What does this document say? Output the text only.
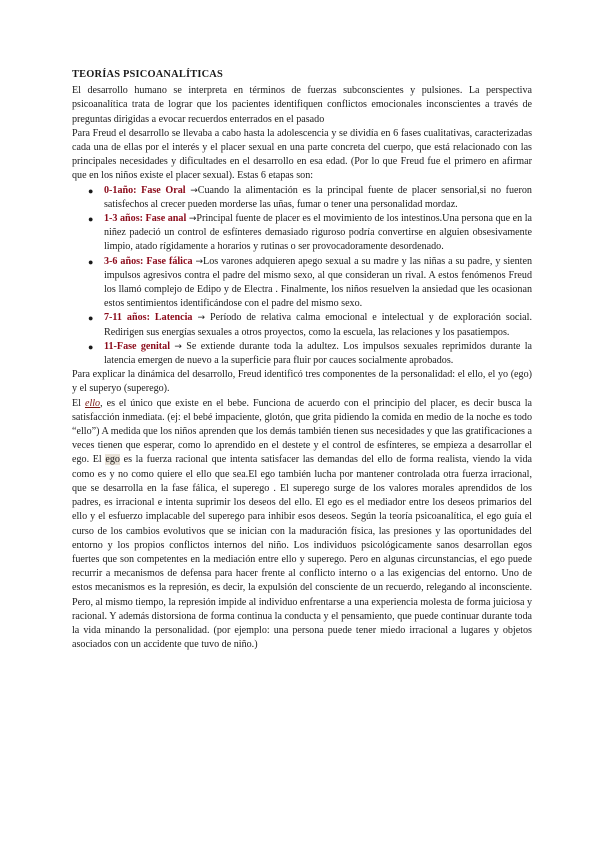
TEORÍAS PSICOANALÍTICAS

El desarrollo humano se interpreta en términos de fuerzas subconscientes y pulsiones. La perspectiva psicoanalítica trata de lograr que los pacientes identifiquen conflictos emocionales inconscientes a través de preguntas dirigidas a evocar recuerdos enterrados en el pasado

Para Freud el desarrollo se llevaba a cabo hasta la adolescencia y se dividía en 6 fases cualitativas, caracterizadas cada una de ellas por el interés y el placer sexual en una parte concreta del cuerpo, que está relacionado con las principales necesidades y dificultades en el desarrollo en esa edad. (Por lo que Freud fue el primero en afirmar que en los niños existe el placer sexual). Estas 6 etapas son:

● 0-1año: Fase Oral →Cuando la alimentación es la principal fuente de placer sensorial,si no fueron satisfechos al crecer pueden morderse las uñas, fumar o tener una personalidad mordaz.
● 1-3 años: Fase anal →Principal fuente de placer es el movimiento de los intestinos.Una persona que en la niñez padeció un control de esfínteres demasiado riguroso podría convertirse en alguien obsesivamente limpio, atado rígidamente a horarios y rutinas o ser provocadoramente desordenado.
● 3-6 años: Fase fálica →Los varones adquieren apego sexual a su madre y las niñas a su padre, y sienten impulsos agresivos contra el padre del mismo sexo, al que consideran un rival. A estos fenómenos Freud los llamó complejo de Edipo y de Electra . Finalmente, los niños resuelven la ansiedad que les ocasionan estos sentimientos identificándose con el padre del mismo sexo.
● 7-11 años: Latencia → Período de relativa calma emocional e intelectual y de exploración social. Redirigen sus energías sexuales a otros proyectos, como la escuela, las relaciones y los pasatiempos.
● 11-Fase genital → Se extiende durante toda la adultez. Los impulsos sexuales reprimidos durante la latencia emergen de nuevo a la superficie para fluir por cauces socialmente aprobados.

Para explicar la dinámica del desarrollo, Freud identificó tres componentes de la personalidad: el ello, el yo (ego) y el superyo (superego).

El ello, es el único que existe en el bebe. Funciona de acuerdo con el principio del placer, es decir busca la satisfacción inmediata. (ej: el bebé impaciente, glotón, que grita pidiendo la comida en medio de la noche es todo “ello”) A medida que los niños aprenden que los demás también tienen sus necesidades y que las gratificaciones a veces tienen que esperar, como lo aprendido en el destete y el control de esfínteres, se empieza a desarrollar el ego. El ego es la fuerza racional que intenta satisfacer las demandas del ello de forma realista, viendo la vida como es y no como quiere el ello que sea.El ego también lucha por mantener controlada otra fuerza irracional, que se desarrolla en la fase fálica, el superego . El superego surge de los valores morales aprendidos de los padres, es irracional e intenta suprimir los deseos del ello. El ego es el mediador entre los deseos primarios del ello y el esfuerzo implacable del superego para inhibir esos deseos. Según la teoría psicoanalítica, el ego guía el curso de los cambios evolutivos que se inician con la maduración física, las presiones y las oportunidades del entorno y los propios conflictos internos del niño. Los individuos psicológicamente sanos desarrollan egos fuertes que son competentes en la mediación entre ello y superego. Pero en algunas circunstancias, el ego puede recurrir a mecanismos de defensa para hacer frente al conflicto interno o a las exigencias del entorno. Uno de estos mecanismos es la represión, es decir, la expulsión del consciente de un recuerdo, relegando al inconsciente. Pero, al mismo tiempo, la represión impide al individuo enfrentarse a una experiencia molesta de forma juiciosa y racional. Y además distorsiona de forma continua la conducta y el pensamiento, que puede continuar durante toda la vida minando la personalidad. (por ejemplo: una persona puede tener miedo irracional a lugares y objetos asociados con un accidente que tuvo de niño.)
